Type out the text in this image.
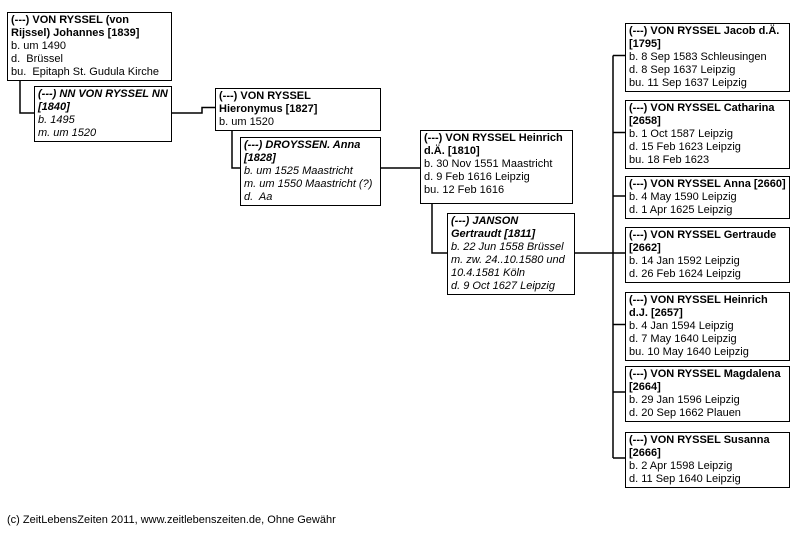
(---) VON RYSSEL (von Rijssel) Johannes [1839]
b. um 1490
d.  Brüssel
bu.  Epitaph St. Gudula Kirche
(---) NN VON RYSSEL NN [1840]
b. 1495
m. um 1520
(---) VON RYSSEL Hieronymus [1827]
b. um 1520
(---) DROYSSEN. Anna [1828]
b. um 1525 Maastricht
m. um 1550 Maastricht (?)
d.  Aa
(---) VON RYSSEL Heinrich d.Ä. [1810]
b. 30 Nov 1551 Maastricht
d. 9 Feb 1616 Leipzig
bu. 12 Feb 1616
(---) JANSON Gertraudt [1811]
b. 22 Jun 1558 Brüssel
m. zw. 24..10.1580 und 10.4.1581 Köln
d. 9 Oct 1627 Leipzig
(---) VON RYSSEL Jacob d.Ä. [1795]
b. 8 Sep 1583 Schleusingen
d. 8 Sep 1637 Leipzig
bu. 11 Sep 1637 Leipzig
(---) VON RYSSEL Catharina [2658]
b. 1 Oct 1587 Leipzig
d. 15 Feb 1623 Leipzig
bu. 18 Feb 1623
(---) VON RYSSEL Anna [2660]
b. 4 May 1590 Leipzig
d. 1 Apr 1625 Leipzig
(---) VON RYSSEL Gertraude [2662]
b. 14 Jan 1592 Leipzig
d. 26 Feb 1624 Leipzig
(---) VON RYSSEL Heinrich d.J. [2657]
b. 4 Jan 1594 Leipzig
d. 7 May 1640 Leipzig
bu. 10 May 1640 Leipzig
(---) VON RYSSEL Magdalena [2664]
b. 29 Jan 1596 Leipzig
d. 20 Sep 1662 Plauen
(---) VON RYSSEL Susanna [2666]
b. 2 Apr 1598 Leipzig
d. 11 Sep 1640 Leipzig
(c) ZeitLebensZeiten 2011, www.zeitlebenszeiten.de, Ohne Gewähr
